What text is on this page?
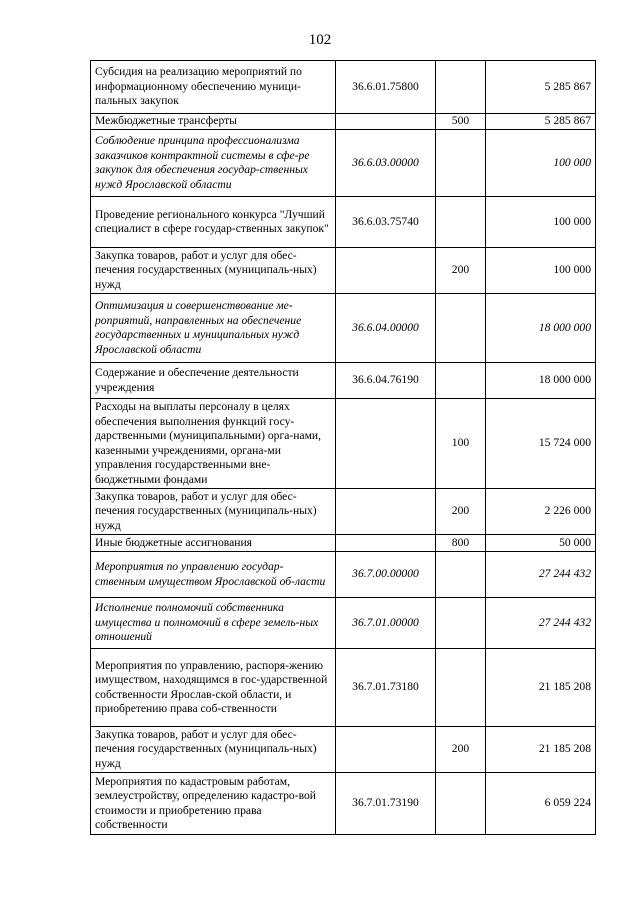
102
Субсидия на реализацию мероприятий по информационному обеспечению муници-пальных закупок	36.6.01.75800		5 285 867
Межбюджетные трансферты		500	5 285 867
Соблюдение принципа профессионализма заказчиков контрактной системы в сфе-ре закупок для обеспечения государ-ственных нужд Ярославской области	36.6.03.00000		100 000
Проведение регионального конкурса "Лучший специалист в сфере государ-ственных закупок"	36.6.03.75740		100 000
Закупка товаров, работ и услуг для обес-печения государственных (муниципаль-ных) нужд		200	100 000
Оптимизация и совершенствование ме-роприятий, направленных на обеспечение государственных и муниципальных нужд Ярославской области	36.6.04.00000		18 000 000
Содержание и обеспечение деятельности учреждения	36.6.04.76190		18 000 000
Расходы на выплаты персоналу в целях обеспечения выполнения функций госу-дарственными (муниципальными) орга-нами, казенными учреждениями, органа-ми управления государственными вне-бюджетными фондами		100	15 724 000
Закупка товаров, работ и услуг для обес-печения государственных (муниципаль-ных) нужд		200	2 226 000
Иные бюджетные ассигнования		800	50 000
Мероприятия по управлению государ-ственным имуществом Ярославской об-ласти	36.7.00.00000		27 244 432
Исполнение полномочий собственника имущества и полномочий в сфере земель-ных отношений	36.7.01.00000		27 244 432
Мероприятия по управлению, распоря-жению имуществом, находящимся в гос-ударственной собственности Ярослав-ской области, и приобретению права соб-ственности	36.7.01.73180		21 185 208
Закупка товаров, работ и услуг для обес-печения государственных (муниципаль-ных) нужд		200	21 185 208
Мероприятия по кадастровым работам, землеустройству, определению кадастро-вой стоимости и приобретению права собственности	36.7.01.73190		6 059 224
